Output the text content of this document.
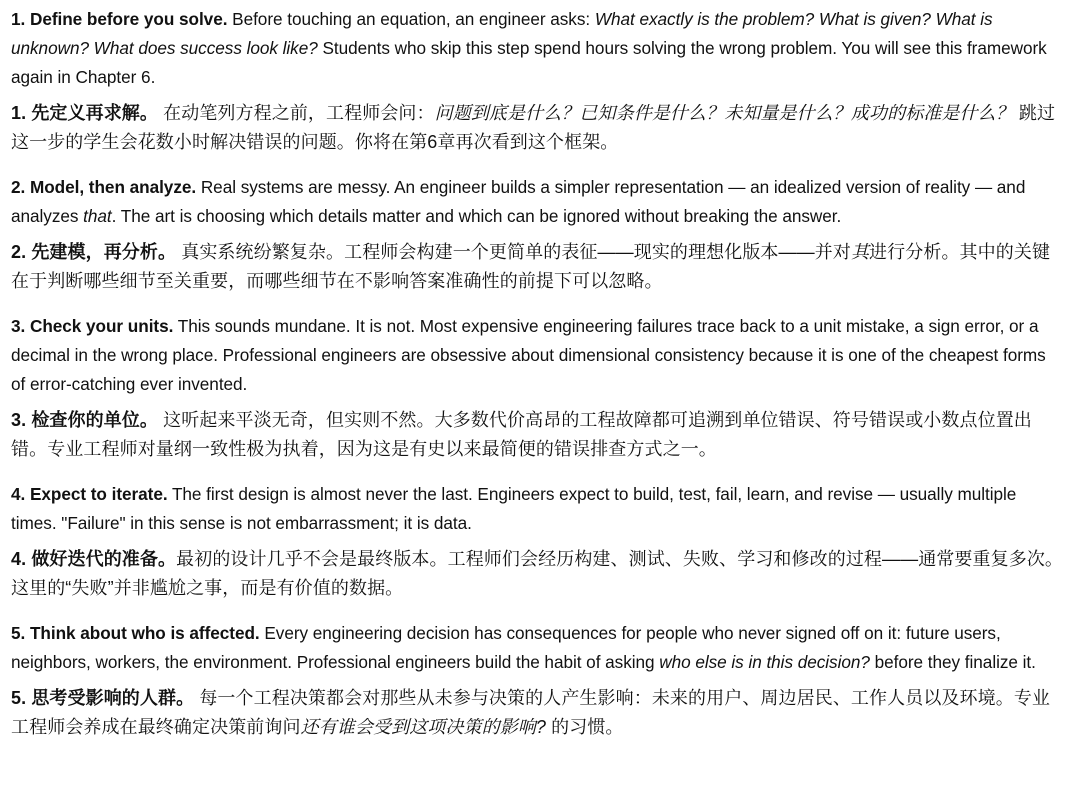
1. Define before you solve. Before touching an equation, an engineer asks: What exactly is the problem? What is given? What is unknown? What does success look like? Students who skip this step spend hours solving the wrong problem. You will see this framework again in Chapter 6.

1. 先定义再求解。 在动笔列方程之前，工程师会问：问题到底是什么？已知条件是什么？未知量是什么？成功的标准是什么？ 跳过这一步的学生会花数小时解决错误的问题。你将在第6章再次看到这个框架。

2. Model, then analyze. Real systems are messy. An engineer builds a simpler representation — an idealized version of reality — and analyzes that. The art is choosing which details matter and which can be ignored without breaking the answer.

2. 先建模，再分析。 真实系统纷繁复杂。工程师会构建一个更简单的表征——现实的理想化版本——并对其进行分析。其中的关键在于判断哪些细节至关重要，而哪些细节在不影响答案准确性的前提下可以忽略。

3. Check your units. This sounds mundane. It is not. Most expensive engineering failures trace back to a unit mistake, a sign error, or a decimal in the wrong place. Professional engineers are obsessive about dimensional consistency because it is one of the cheapest forms of error-catching ever invented.

3. 检查你的单位。 这听起来平淡无奇，但实则不然。大多数代价高昂的工程故障都可追溯到单位错误、符号错误或小数点位置出错。专业工程师对量纲一致性极为执着，因为这是有史以来最简便的错误排查方式之一。

4. Expect to iterate. The first design is almost never the last. Engineers expect to build, test, fail, learn, and revise — usually multiple times. "Failure" in this sense is not embarrassment; it is data.

4. 做好迭代的准备。最初的设计几乎不会是最终版本。工程师们会经历构建、测试、失败、学习和修改的过程——通常要重复多次。这里的“失败”并非尴尬之事，而是有价值的数据。

5. Think about who is affected. Every engineering decision has consequences for people who never signed off on it: future users, neighbors, workers, the environment. Professional engineers build the habit of asking who else is in this decision? before they finalize it.

5. 思考受影响的人群。 每一个工程决策都会对那些从未参与决策的人产生影响：未来的用户、周边居民、工作人员以及环境。专业工程师会养成在最终确定决策前询问还有谁会受到这项决策的影响? 的习惯。
